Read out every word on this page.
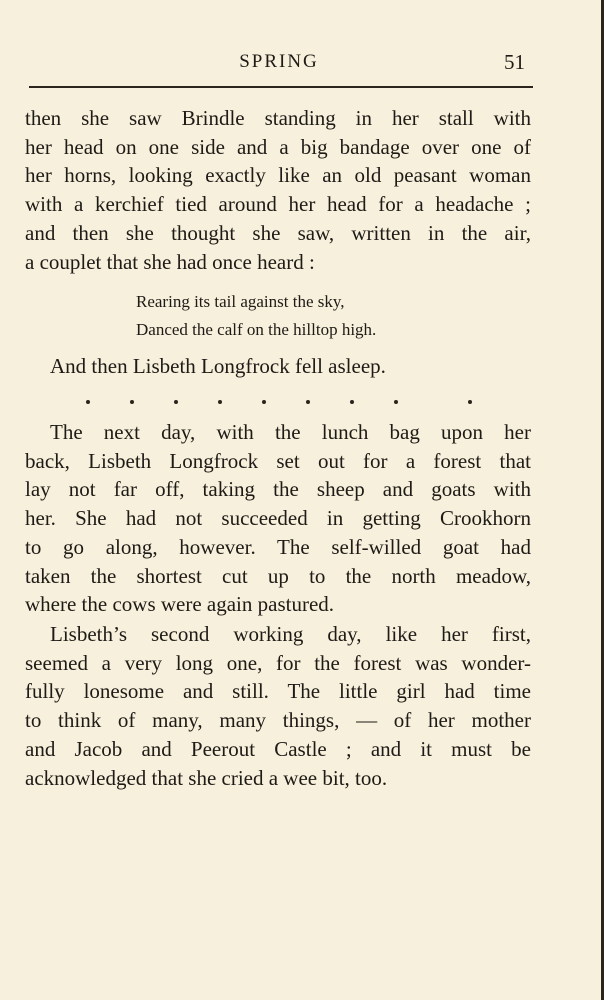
SPRING	51
then she saw Brindle standing in her stall with
her head on one side and a big bandage over one of
her horns, looking exactly like an old peasant woman
with a kerchief tied around her head for a headache ;
and then she thought she saw, written in the air,
a couplet that she had once heard :
Rearing its tail against the sky,
Danced the calf on the hilltop high.
And then Lisbeth Longfrock fell asleep.
The next day, with the lunch bag upon her
back, Lisbeth Longfrock set out for a forest that
lay not far off, taking the sheep and goats with
her. She had not succeeded in getting Crookhorn
to go along, however. The self-willed goat had
taken the shortest cut up to the north meadow,
where the cows were again pastured.
Lisbeth’s second working day, like her first,
seemed a very long one, for the forest was wonder-
fully lonesome and still. The little girl had time
to think of many, many things, — of her mother
and Jacob and Peerout Castle ; and it must be
acknowledged that she cried a wee bit, too.
